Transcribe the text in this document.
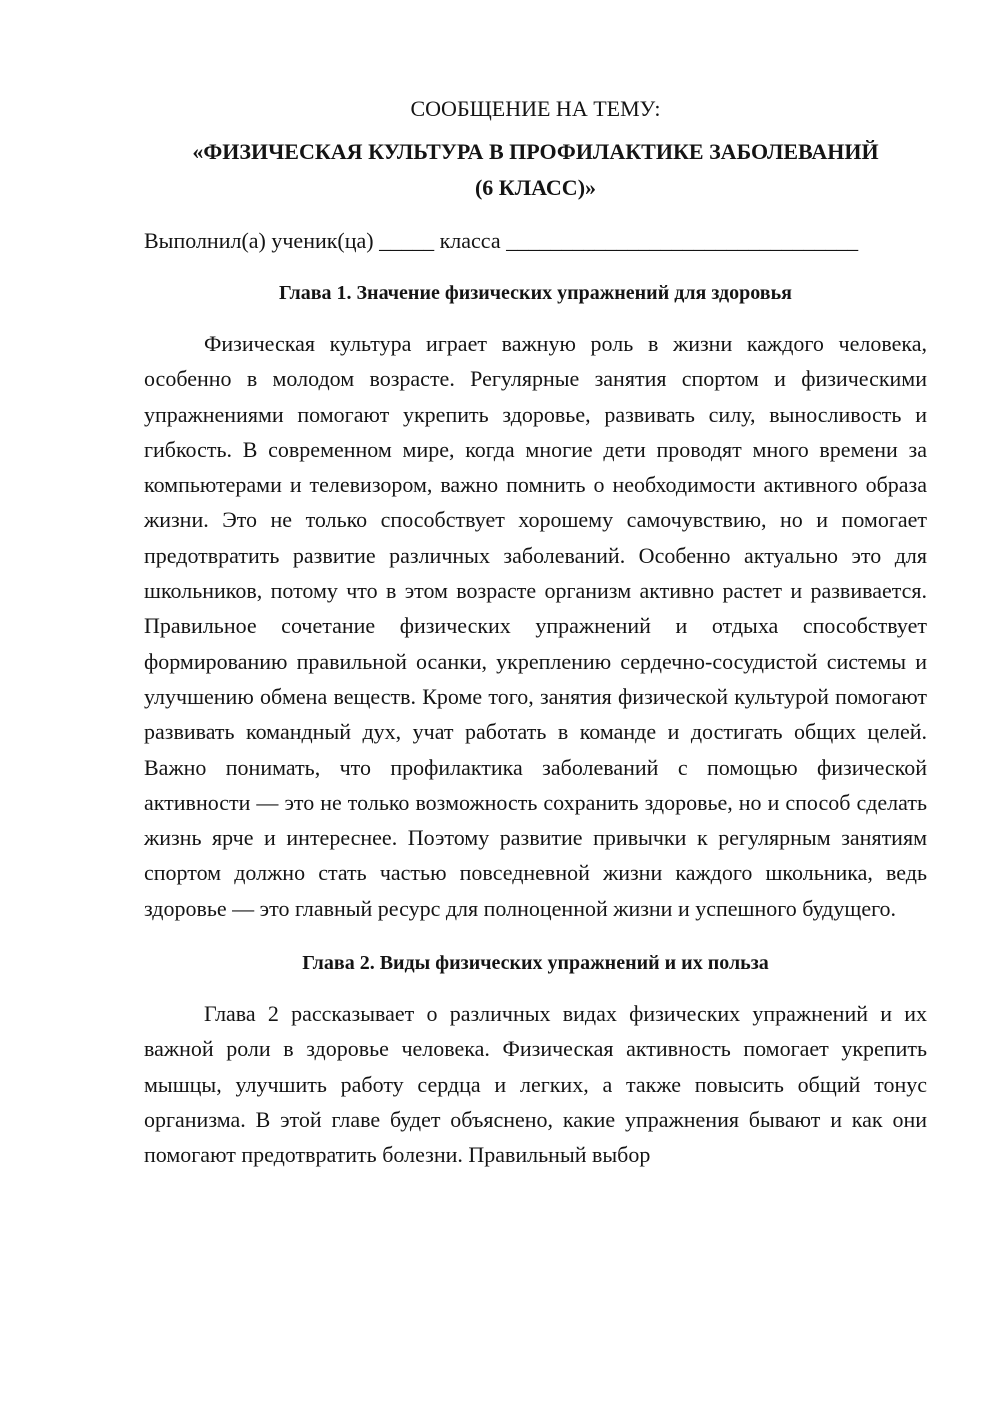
СООБЩЕНИЕ НА ТЕМУ:

«ФИЗИЧЕСКАЯ КУЛЬТУРА В ПРОФИЛАКТИКЕ ЗАБОЛЕВАНИЙ

(6 КЛАСС)»

Выполнил(а) ученик(ца) _____ класса ________________________________

Глава 1. Значение физических упражнений для здоровья

Физическая культура играет важную роль в жизни каждого человека, особенно в молодом возрасте. Регулярные занятия спортом и физическими упражнениями помогают укрепить здоровье, развивать силу, выносливость и гибкость. В современном мире, когда многие дети проводят много времени за компьютерами и телевизором, важно помнить о необходимости активного образа жизни. Это не только способствует хорошему самочувствию, но и помогает предотвратить развитие различных заболеваний. Особенно актуально это для школьников, потому что в этом возрасте организм активно растет и развивается. Правильное сочетание физических упражнений и отдыха способствует формированию правильной осанки, укреплению сердечно-сосудистой системы и улучшению обмена веществ. Кроме того, занятия физической культурой помогают развивать командный дух, учат работать в команде и достигать общих целей. Важно понимать, что профилактика заболеваний с помощью физической активности — это не только возможность сохранить здоровье, но и способ сделать жизнь ярче и интереснее. Поэтому развитие привычки к регулярным занятиям спортом должно стать частью повседневной жизни каждого школьника, ведь здоровье — это главный ресурс для полноценной жизни и успешного будущего.

Глава 2. Виды физических упражнений и их польза

Глава 2 рассказывает о различных видах физических упражнений и их важной роли в здоровье человека. Физическая активность помогает укрепить мышцы, улучшить работу сердца и легких, а также повысить общий тонус организма. В этой главе будет объяснено, какие упражнения бывают и как они помогают предотвратить болезни. Правильный выбор
